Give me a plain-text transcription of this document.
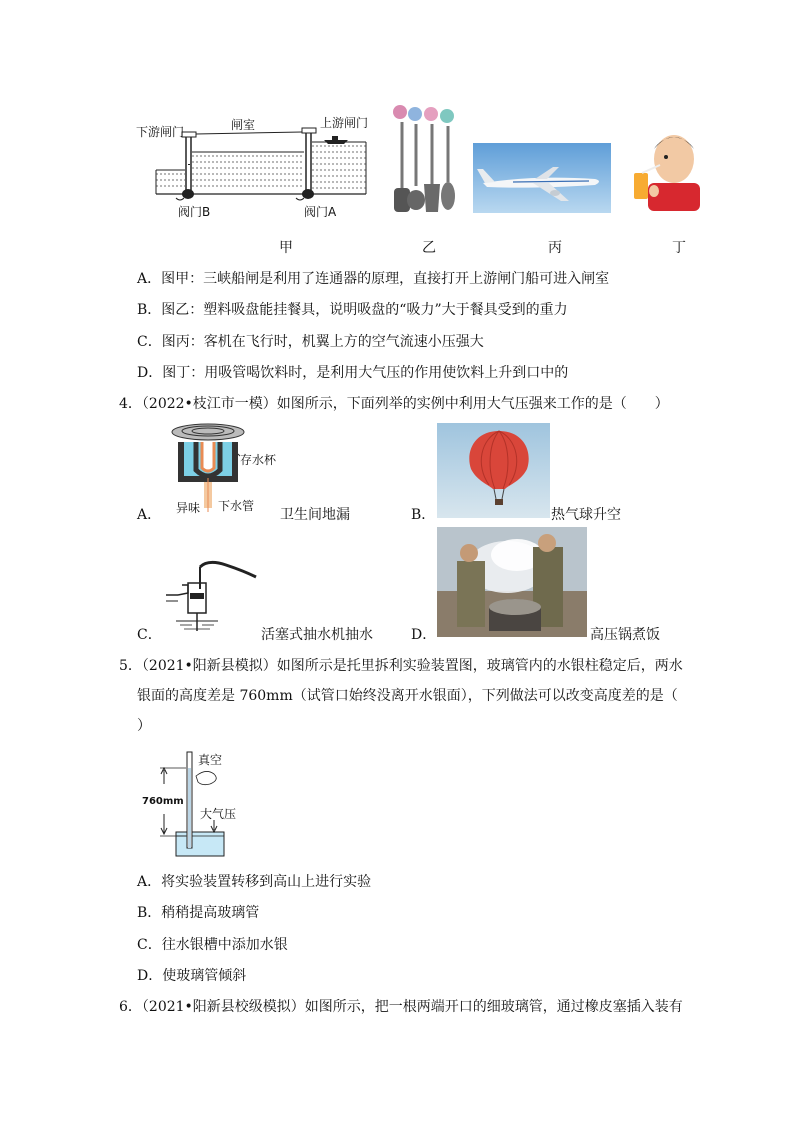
下游闸门	闸室	上游闸门
阀门B	阀门A
甲	乙	丙	丁
A．图甲：三峡船闸是利用了连通器的原理，直接打开上游闸门船可进入闸室
B．图乙：塑料吸盘能挂餐具，说明吸盘的“吸力”大于餐具受到的重力
C．图丙：客机在飞行时，机翼上方的空气流速小压强大
D．图丁：用吸管喝饮料时，是利用大气压的作用使饮料上升到口中的
4．（2022•枝江市一模）如图所示，下面列举的实例中利用大气压强来工作的是（　　）
存水杯
异味 下水管
A．	卫生间地漏	B．	热气球升空
C．	活塞式抽水机抽水	D．	高压锅煮饭
5．（2021•阳新县模拟）如图所示是托里拆利实验装置图，玻璃管内的水银柱稳定后，两水
银面的高度差是 760mm（试管口始终没离开水银面），下列做法可以改变高度差的是（
）
真空
760mm
大气压
A．将实验装置转移到高山上进行实验
B．稍稍提高玻璃管
C．往水银槽中添加水银
D．使玻璃管倾斜
6．（2021•阳新县校级模拟）如图所示，把一根两端开口的细玻璃管，通过橡皮塞插入装有
